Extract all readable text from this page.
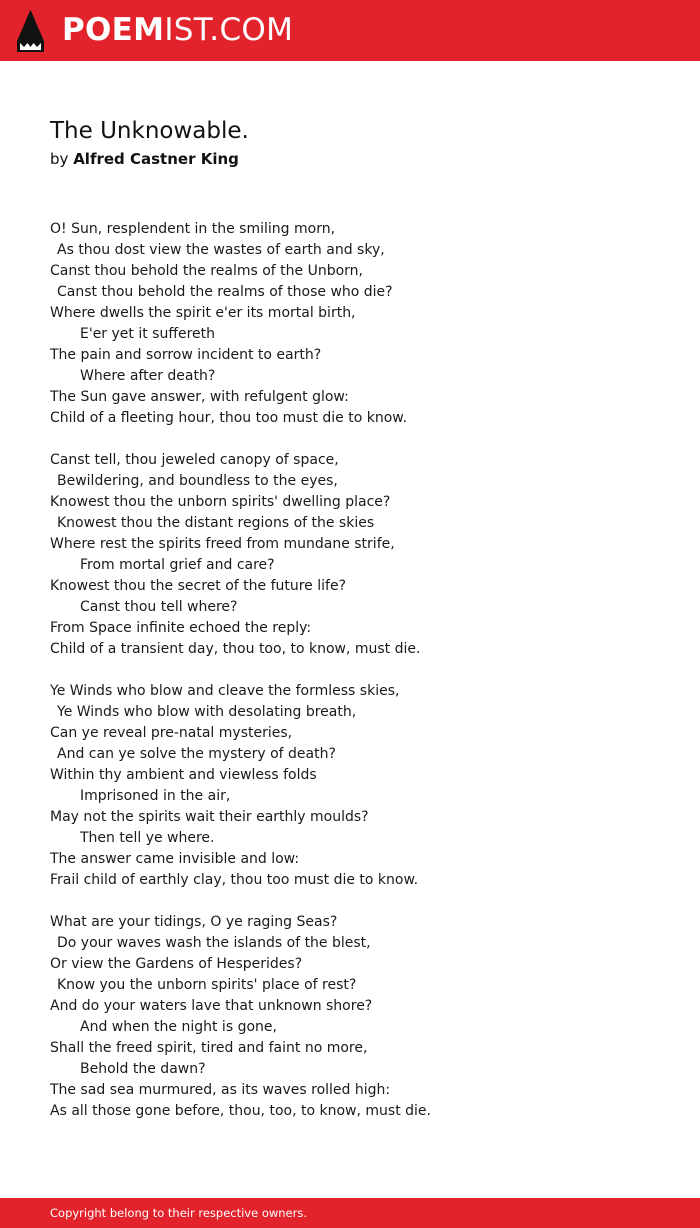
POEMIST.COM
The Unknowable.
by Alfred Castner King
O! Sun, resplendent in the smiling morn,
As thou dost view the wastes of earth and sky,
Canst thou behold the realms of the Unborn,
Canst thou behold the realms of those who die?
Where dwells the spirit e'er its mortal birth,
E'er yet it suffereth
The pain and sorrow incident to earth?
Where after death?
The Sun gave answer, with refulgent glow:
Child of a fleeting hour, thou too must die to know.
Canst tell, thou jeweled canopy of space,
Bewildering, and boundless to the eyes,
Knowest thou the unborn spirits' dwelling place?
Knowest thou the distant regions of the skies
Where rest the spirits freed from mundane strife,
From mortal grief and care?
Knowest thou the secret of the future life?
Canst thou tell where?
From Space infinite echoed the reply:
Child of a transient day, thou too, to know, must die.
Ye Winds who blow and cleave the formless skies,
Ye Winds who blow with desolating breath,
Can ye reveal pre-natal mysteries,
And can ye solve the mystery of death?
Within thy ambient and viewless folds
Imprisoned in the air,
May not the spirits wait their earthly moulds?
Then tell ye where.
The answer came invisible and low:
Frail child of earthly clay, thou too must die to know.
What are your tidings, O ye raging Seas?
Do your waves wash the islands of the blest,
Or view the Gardens of Hesperides?
Know you the unborn spirits' place of rest?
And do your waters lave that unknown shore?
And when the night is gone,
Shall the freed spirit, tired and faint no more,
Behold the dawn?
The sad sea murmured, as its waves rolled high:
As all those gone before, thou, too, to know, must die.
Copyright belong to their respective owners.
